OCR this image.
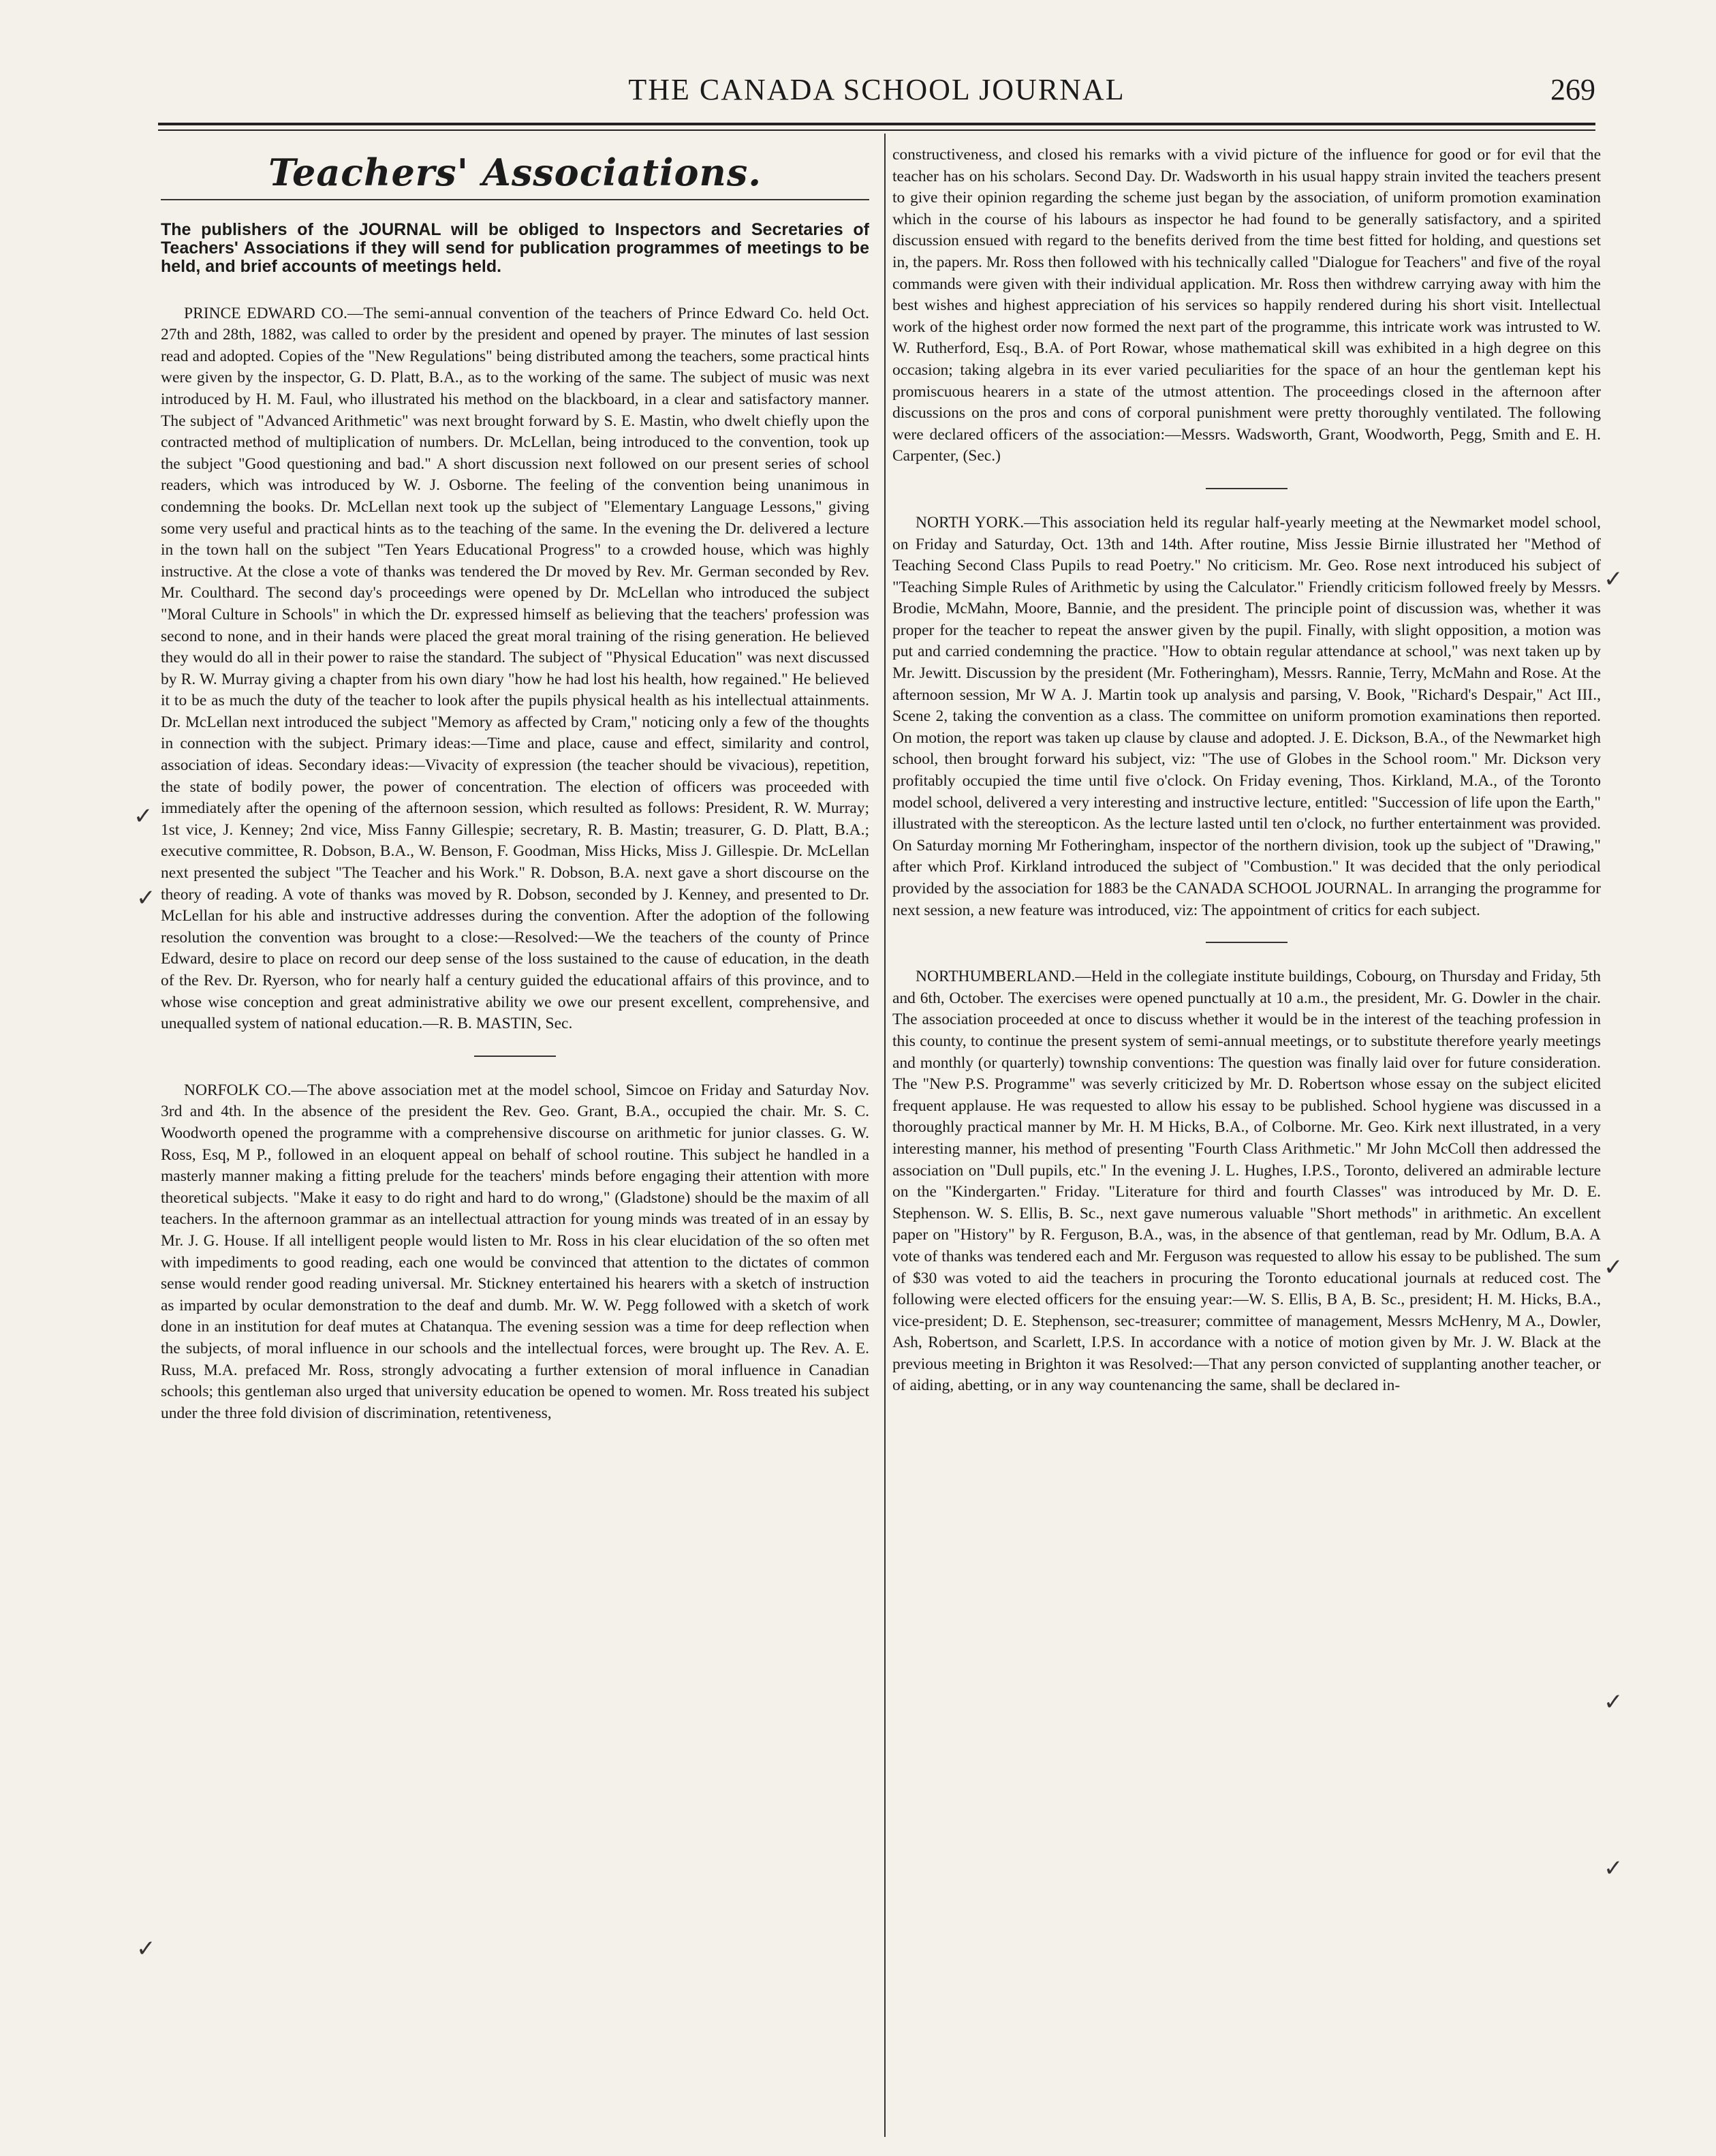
THE CANADA SCHOOL JOURNAL	269
Teachers' Associations.
The publishers of the JOURNAL will be obliged to Inspectors and Secretaries of Teachers' Associations if they will send for publication programmes of meetings to be held, and brief accounts of meetings held.

PRINCE EDWARD CO.—The semi-annual convention of the teachers of Prince Edward Co. held Oct. 27th and 28th, 1882, was called to order by the president and opened by prayer. The minutes of last session read and adopted. Copies of the "New Regulations" being distributed among the teachers, some practical hints were given by the inspector, G. D. Platt, B.A., as to the working of the same. The subject of music was next introduced by H. M. Faul, who illustrated his method on the blackboard, in a clear and satisfactory manner. The subject of "Advanced Arithmetic" was next brought forward by S. E. Mastin, who dwelt chiefly upon the contracted method of multiplication of numbers. Dr. McLellan, being introduced to the convention, took up the subject "Good questioning and bad." A short discussion next followed on our present series of school readers, which was introduced by W. J. Osborne. The feeling of the convention being unanimous in condemning the books. Dr. McLellan next took up the subject of "Elementary Language Lessons," giving some very useful and practical hints as to the teaching of the same. In the evening the Dr. delivered a lecture in the town hall on the subject "Ten Years Educational Progress" to a crowded house, which was highly instructive. At the close a vote of thanks was tendered the Dr moved by Rev. Mr. German seconded by Rev. Mr. Coulthard. The second day's proceedings were opened by Dr. McLellan who introduced the subject "Moral Culture in Schools" in which the Dr. expressed himself as believing that the teachers' profession was second to none, and in their hands were placed the great moral training of the rising generation. He believed they would do all in their power to raise the standard. The subject of "Physical Education" was next discussed by R. W. Murray giving a chapter from his own diary "how he had lost his health, how regained." He believed it to be as much the duty of the teacher to look after the pupils physical health as his intellectual attainments. Dr. McLellan next introduced the subject "Memory as affected by Cram," noticing only a few of the thoughts in connection with the subject. Primary ideas:—Time and place, cause and effect, similarity and control, association of ideas. Secondary ideas:—Vivacity of expression (the teacher should be vivacious), repetition, the state of bodily power, the power of concentration. The election of officers was proceeded with immediately after the opening of the afternoon session, which resulted as follows: President, R. W. Murray; 1st vice, J. Kenney; 2nd vice, Miss Fanny Gillespie; secretary, R. B. Mastin; treasurer, G. D. Platt, B.A.; executive committee, R. Dobson, B.A., W. Benson, F. Goodman, Miss Hicks, Miss J. Gillespie. Dr. McLellan next presented the subject "The Teacher and his Work." R. Dobson, B.A. next gave a short discourse on the theory of reading. A vote of thanks was moved by R. Dobson, seconded by J. Kenney, and presented to Dr. McLellan for his able and instructive addresses during the convention. After the adoption of the following resolution the convention was brought to a close:—Resolved:—We the teachers of the county of Prince Edward, desire to place on record our deep sense of the loss sustained to the cause of education, in the death of the Rev. Dr. Ryerson, who for nearly half a century guided the educational affairs of this province, and to whose wise conception and great administrative ability we owe our present excellent, comprehensive, and unequalled system of national education.—R. B. MASTIN, Sec.

NORFOLK CO.—The above association met at the model school, Simcoe on Friday and Saturday Nov. 3rd and 4th. In the absence of the president the Rev. Geo. Grant, B.A., occupied the chair. Mr. S. C. Woodworth opened the programme with a comprehensive discourse on arithmetic for junior classes. G. W. Ross, Esq, M P., followed in an eloquent appeal on behalf of school routine. This subject he handled in a masterly manner making a fitting prelude for the teachers' minds before engaging their attention with more theoretical subjects. "Make it easy to do right and hard to do wrong," (Gladstone) should be the maxim of all teachers. In the afternoon grammar as an intellectual attraction for young minds was treated of in an essay by Mr. J. G. House. If all intelligent people would listen to Mr. Ross in his clear elucidation of the so often met with impediments to good reading, each one would be convinced that attention to the dictates of common sense would render good reading universal. Mr. Stickney entertained his hearers with a sketch of instruction as imparted by ocular demonstration to the deaf and dumb. Mr. W. W. Pegg followed with a sketch of work done in an institution for deaf mutes at Chatanqua. The evening session was a time for deep reflection when the subjects, of moral influence in our schools and the intellectual forces, were brought up. The Rev. A. E. Russ, M.A. prefaced Mr. Ross, strongly advocating a further extension of moral influence in Canadian schools; this gentleman also urged that university education be opened to women. Mr. Ross treated his subject under the three fold division of discrimination, retentiveness,

constructiveness, and closed his remarks with a vivid picture of the influence for good or for evil that the teacher has on his scholars. Second Day. Dr. Wadsworth in his usual happy strain invited the teachers present to give their opinion regarding the scheme just began by the association, of uniform promotion examination which in the course of his labours as inspector he had found to be generally satisfactory, and a spirited discussion ensued with regard to the benefits derived from the time best fitted for holding, and questions set in, the papers. Mr. Ross then followed with his technically called "Dialogue for Teachers" and five of the royal commands were given with their individual application. Mr. Ross then withdrew carrying away with him the best wishes and highest appreciation of his services so happily rendered during his short visit. Intellectual work of the highest order now formed the next part of the programme, this intricate work was intrusted to W. W. Rutherford, Esq., B.A. of Port Rowar, whose mathematical skill was exhibited in a high degree on this occasion; taking algebra in its ever varied peculiarities for the space of an hour the gentleman kept his promiscuous hearers in a state of the utmost attention. The proceedings closed in the afternoon after discussions on the pros and cons of corporal punishment were pretty thoroughly ventilated. The following were declared officers of the association:—Messrs. Wadsworth, Grant, Woodworth, Pegg, Smith and E. H. Carpenter, (Sec.)

NORTH YORK.—This association held its regular half-yearly meeting at the Newmarket model school, on Friday and Saturday, Oct. 13th and 14th. After routine, Miss Jessie Birnie illustrated her "Method of Teaching Second Class Pupils to read Poetry." No criticism. Mr. Geo. Rose next introduced his subject of "Teaching Simple Rules of Arithmetic by using the Calculator." Friendly criticism followed freely by Messrs. Brodie, McMahn, Moore, Bannie, and the president. The principle point of discussion was, whether it was proper for the teacher to repeat the answer given by the pupil. Finally, with slight opposition, a motion was put and carried condemning the practice. "How to obtain regular attendance at school," was next taken up by Mr. Jewitt. Discussion by the president (Mr. Fotheringham), Messrs. Rannie, Terry, McMahn and Rose. At the afternoon session, Mr W A. J. Martin took up analysis and parsing, V. Book, "Richard's Despair," Act III., Scene 2, taking the convention as a class. The committee on uniform promotion examinations then reported. On motion, the report was taken up clause by clause and adopted. J. E. Dickson, B.A., of the Newmarket high school, then brought forward his subject, viz: "The use of Globes in the School room." Mr. Dickson very profitably occupied the time until five o'clock. On Friday evening, Thos. Kirkland, M.A., of the Toronto model school, delivered a very interesting and instructive lecture, entitled: "Succession of life upon the Earth," illustrated with the stereopticon. As the lecture lasted until ten o'clock, no further entertainment was provided. On Saturday morning Mr Fotheringham, inspector of the northern division, took up the subject of "Drawing," after which Prof. Kirkland introduced the subject of "Combustion." It was decided that the only periodical provided by the association for 1883 be the CANADA SCHOOL JOURNAL. In arranging the programme for next session, a new feature was introduced, viz: The appointment of critics for each subject.

NORTHUMBERLAND.—Held in the collegiate institute buildings, Cobourg, on Thursday and Friday, 5th and 6th, October. The exercises were opened punctually at 10 a.m., the president, Mr. G. Dowler in the chair. The association proceeded at once to discuss whether it would be in the interest of the teaching profession in this county, to continue the present system of semi-annual meetings, or to substitute therefore yearly meetings and monthly (or quarterly) township conventions: The question was finally laid over for future consideration. The "New P.S. Programme" was severly criticized by Mr. D. Robertson whose essay on the subject elicited frequent applause. He was requested to allow his essay to be published. School hygiene was discussed in a thoroughly practical manner by Mr. H. M Hicks, B.A., of Colborne. Mr. Geo. Kirk next illustrated, in a very interesting manner, his method of presenting "Fourth Class Arithmetic." Mr John McColl then addressed the association on "Dull pupils, etc." In the evening J. L. Hughes, I.P.S., Toronto, delivered an admirable lecture on the "Kindergarten." Friday. "Literature for third and fourth Classes" was introduced by Mr. D. E. Stephenson. W. S. Ellis, B. Sc., next gave numerous valuable "Short methods" in arithmetic. An excellent paper on "History" by R. Ferguson, B.A., was, in the absence of that gentleman, read by Mr. Odlum, B.A. A vote of thanks was tendered each and Mr. Ferguson was requested to allow his essay to be published. The sum of $30 was voted to aid the teachers in procuring the Toronto educational journals at reduced cost. The following were elected officers for the ensuing year:—W. S. Ellis, B A, B. Sc., president; H. M. Hicks, B.A., vice-president; D. E. Stephenson, sec-treasurer; committee of management, Messrs McHenry, M A., Dowler, Ash, Robertson, and Scarlett, I.P.S. In accordance with a notice of motion given by Mr. J. W. Black at the previous meeting in Brighton it was Resolved:—That any person convicted of supplanting another teacher, or of aiding, abetting, or in any way countenancing the same, shall be declared in-

✓
✓
✓
✓
✓
✓
✓
